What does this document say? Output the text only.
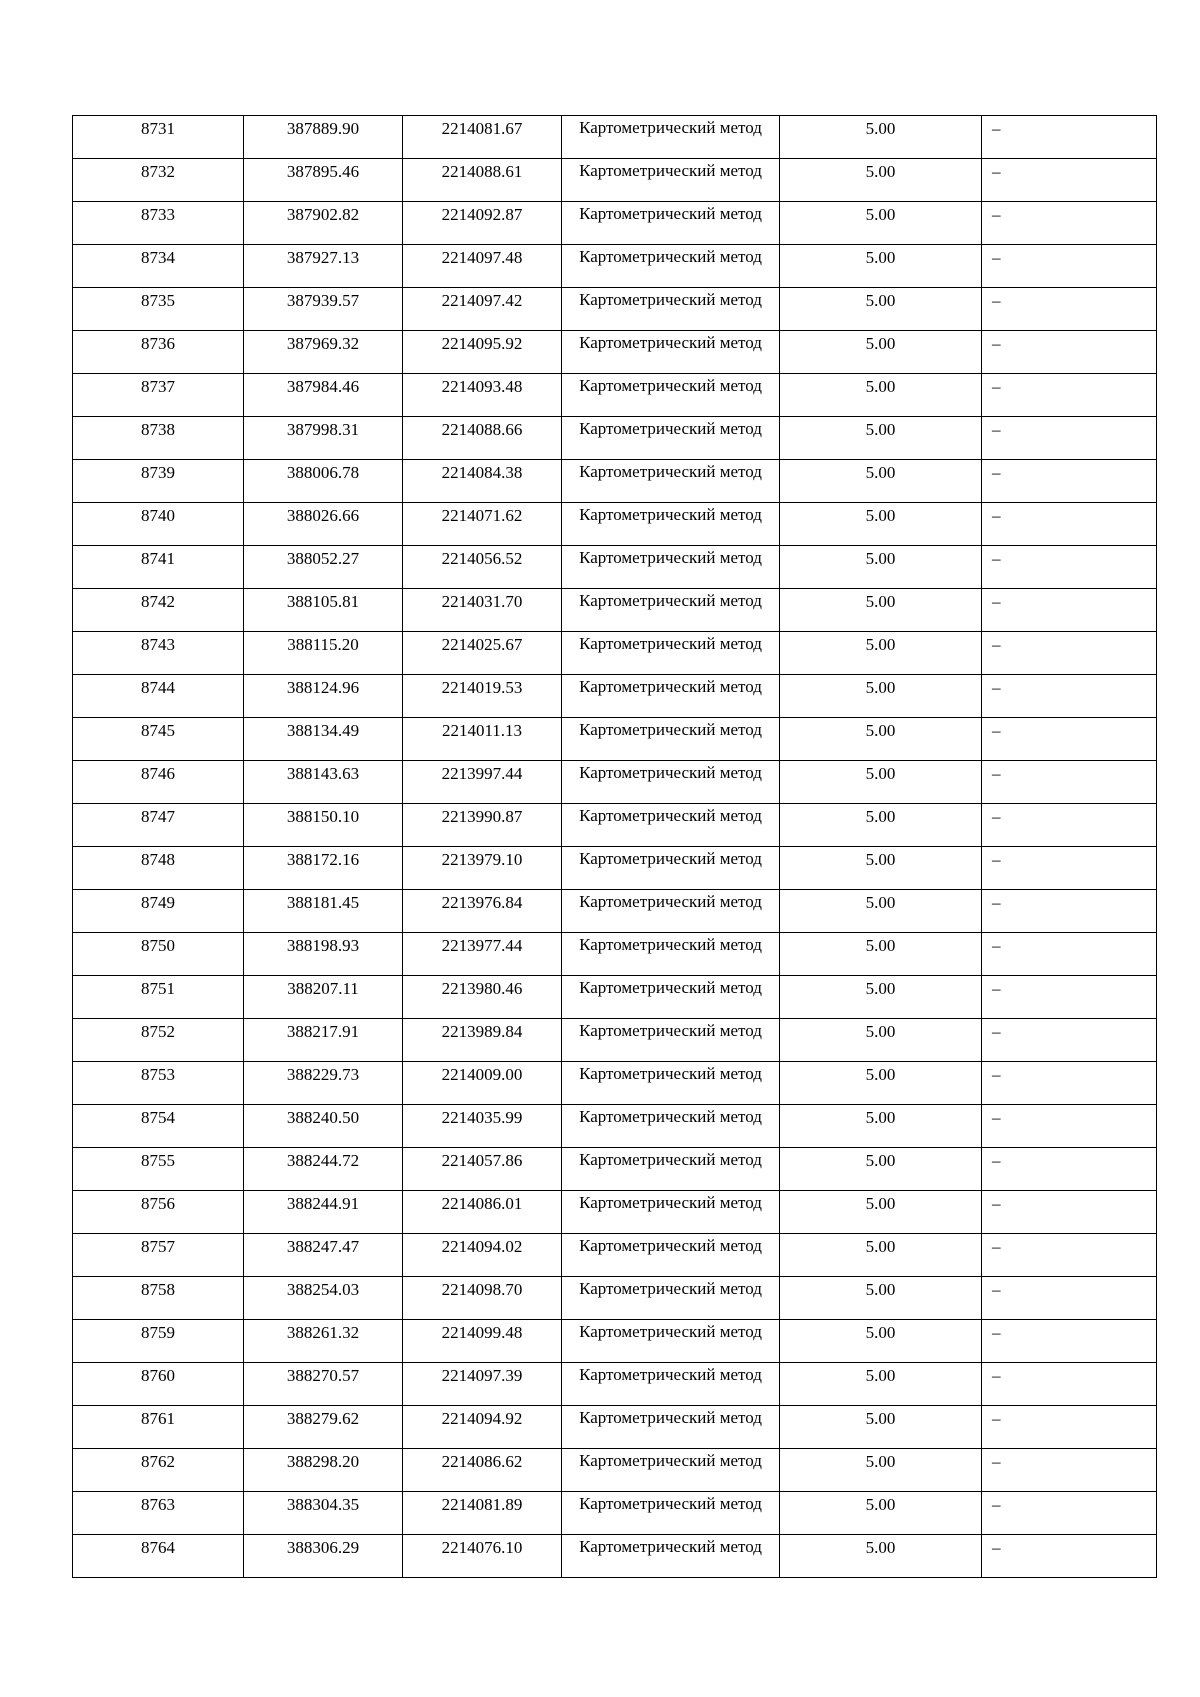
8731	387889.90	2214081.67	Картометрический метод	5.00	–

8732	387895.46	2214088.61	Картометрический метод	5.00	–

8733	387902.82	2214092.87	Картометрический метод	5.00	–

8734	387927.13	2214097.48	Картометрический метод	5.00	–

8735	387939.57	2214097.42	Картометрический метод	5.00	–

8736	387969.32	2214095.92	Картометрический метод	5.00	–

8737	387984.46	2214093.48	Картометрический метод	5.00	–

8738	387998.31	2214088.66	Картометрический метод	5.00	–

8739	388006.78	2214084.38	Картометрический метод	5.00	–

8740	388026.66	2214071.62	Картометрический метод	5.00	–

8741	388052.27	2214056.52	Картометрический метод	5.00	–

8742	388105.81	2214031.70	Картометрический метод	5.00	–

8743	388115.20	2214025.67	Картометрический метод	5.00	–

8744	388124.96	2214019.53	Картометрический метод	5.00	–

8745	388134.49	2214011.13	Картометрический метод	5.00	–

8746	388143.63	2213997.44	Картометрический метод	5.00	–

8747	388150.10	2213990.87	Картометрический метод	5.00	–

8748	388172.16	2213979.10	Картометрический метод	5.00	–

8749	388181.45	2213976.84	Картометрический метод	5.00	–

8750	388198.93	2213977.44	Картометрический метод	5.00	–

8751	388207.11	2213980.46	Картометрический метод	5.00	–

8752	388217.91	2213989.84	Картометрический метод	5.00	–

8753	388229.73	2214009.00	Картометрический метод	5.00	–

8754	388240.50	2214035.99	Картометрический метод	5.00	–

8755	388244.72	2214057.86	Картометрический метод	5.00	–

8756	388244.91	2214086.01	Картометрический метод	5.00	–

8757	388247.47	2214094.02	Картометрический метод	5.00	–

8758	388254.03	2214098.70	Картометрический метод	5.00	–

8759	388261.32	2214099.48	Картометрический метод	5.00	–

8760	388270.57	2214097.39	Картометрический метод	5.00	–

8761	388279.62	2214094.92	Картометрический метод	5.00	–

8762	388298.20	2214086.62	Картометрический метод	5.00	–

8763	388304.35	2214081.89	Картометрический метод	5.00	–

8764	388306.29	2214076.10	Картометрический метод	5.00	–
